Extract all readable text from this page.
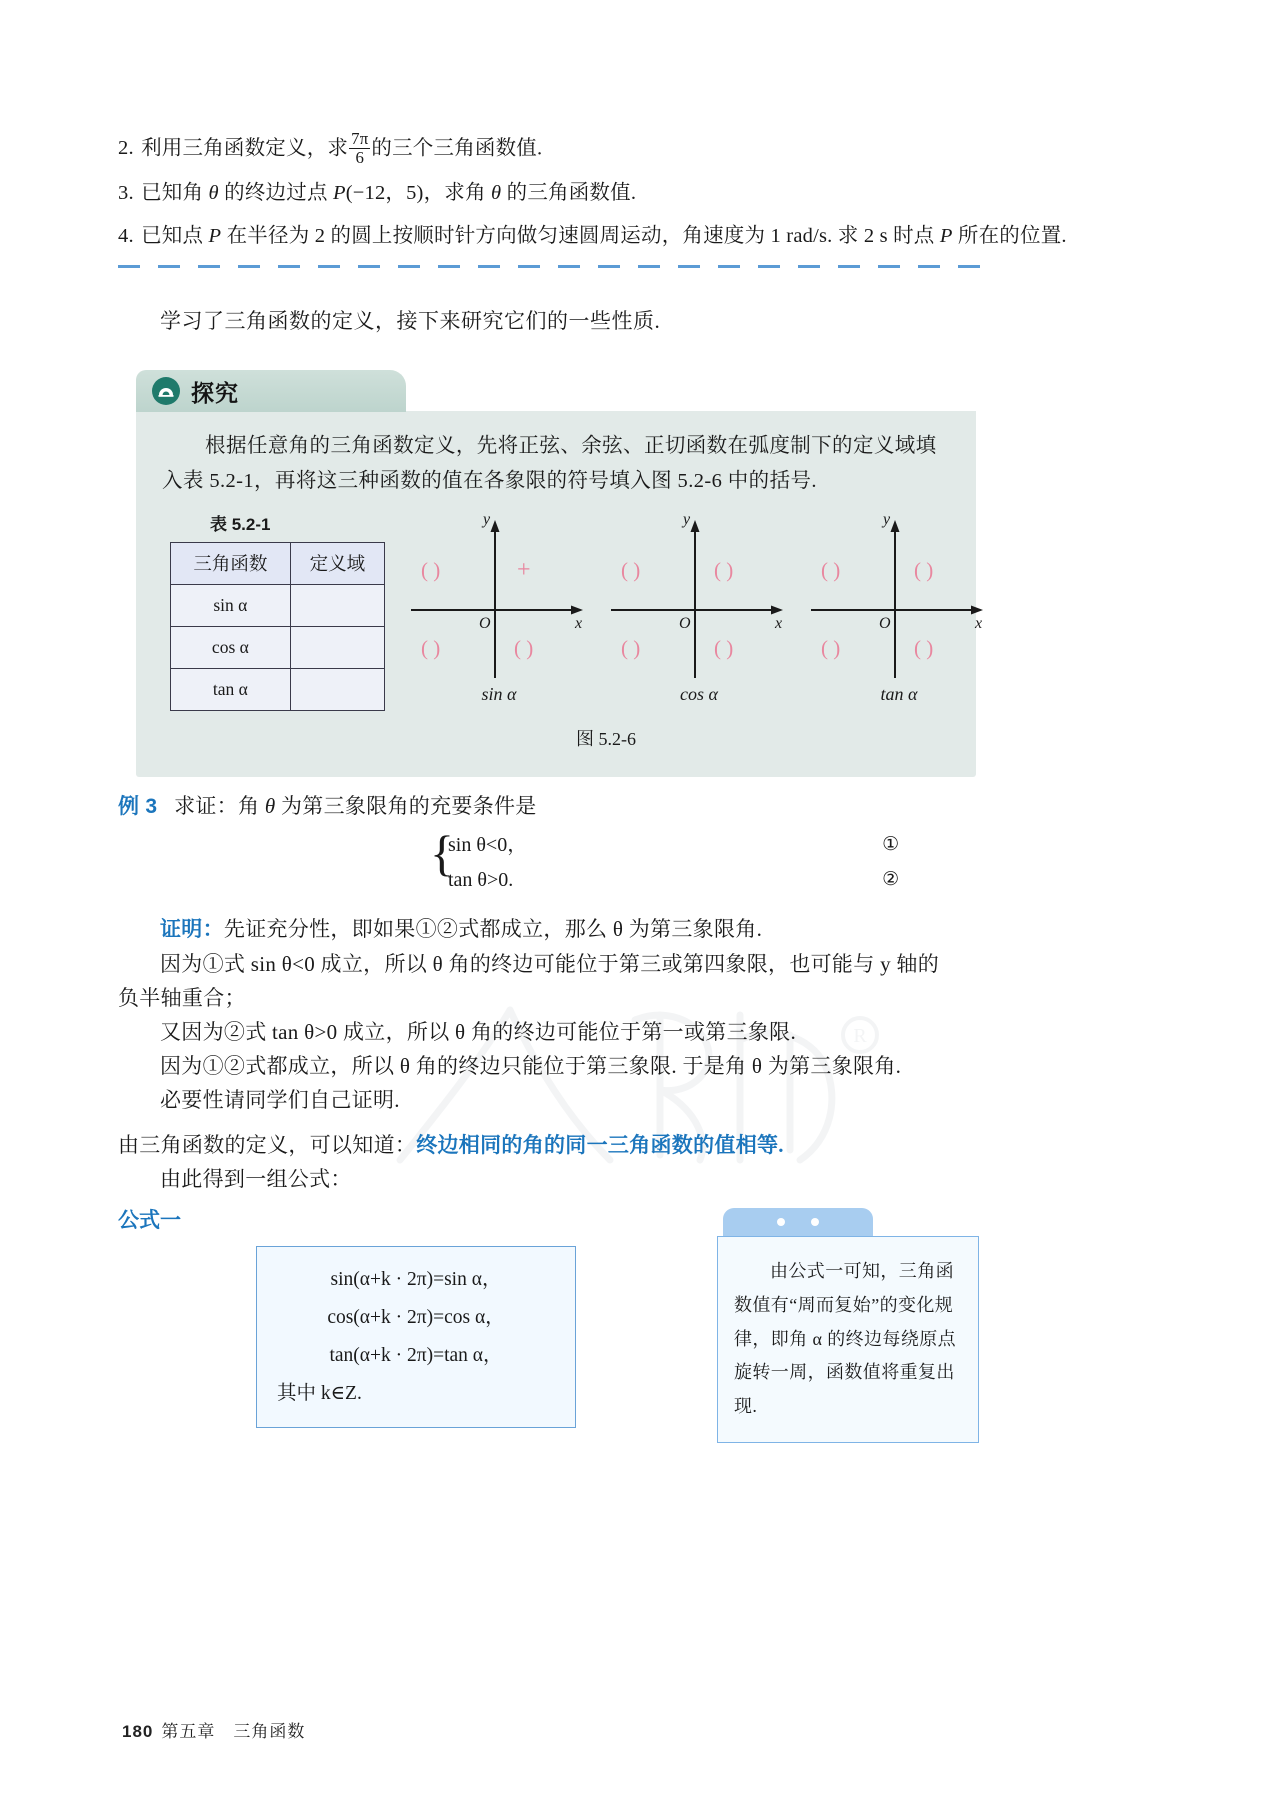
2. 利用三角函数定义，求 $\frac{7\pi}{6}$ 的三个三角函数值.
3. 已知角 θ 的终边过点 P(−12，5)，求角 θ 的三角函数值.
4. 已知点 P 在半径为 2 的圆上按顺时针方向做匀速圆周运动，角速度为 1 rad/s. 求 2 s 时点 P 所在的位置.
学习了三角函数的定义，接下来研究它们的一些性质.
探究
根据任意角的三角函数定义，先将正弦、余弦、正切函数在弧度制下的定义域填入表 5.2-1，再将这三种函数的值在各象限的符号填入图 5.2-6 中的括号.
表 5.2-1
三角函数	定义域
sin α	
cos α	
tan α	
y
x
O
( )	+
( )	( )
sin α
y
x
O
( )	( )
( )	( )
cos α
y
x
O
( )	( )
( )	( )
tan α
图 5.2-6
R
例 3 求证：角 θ 为第三象限角的充要条件是
{
sin θ<0，	①
tan θ>0.	②
证明：先证充分性，即如果①②式都成立，那么 θ 为第三象限角.
因为①式 sin θ<0 成立，所以 θ 角的终边可能位于第三或第四象限，也可能与 y 轴的
负半轴重合；
又因为②式 tan θ>0 成立，所以 θ 角的终边可能位于第一或第三象限.
因为①②式都成立，所以 θ 角的终边只能位于第三象限. 于是角 θ 为第三象限角.
必要性请同学们自己证明.
由三角函数的定义，可以知道：终边相同的角的同一三角函数的值相等.
由此得到一组公式：
公式一
sin(α+k · 2π)=sin α，
cos(α+k · 2π)=cos α，
tan(α+k · 2π)=tan α，
其中 k∈Z.

由公式一可知，三角函数值有“周而复始”的变化规律，即角 α 的终边每绕原点旋转一周，函数值将重复出现.

180 第五章 三角函数
